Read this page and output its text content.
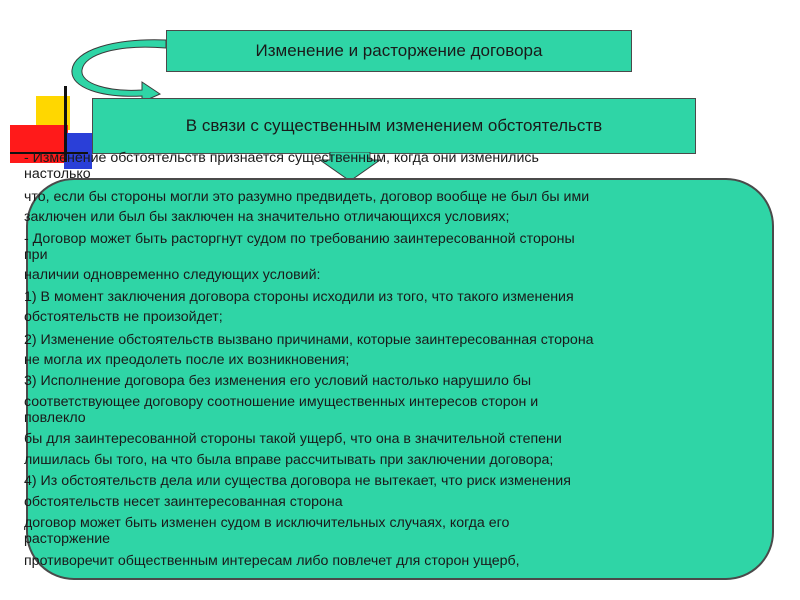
Изменение и расторжение договора
В связи с существенным изменением обстоятельств
- Изменение обстоятельств признается существенным, когда они изменились
настолько
что, если бы стороны могли это разумно предвидеть, договор вообще не был бы ими
заключен или был бы заключен на значительно отличающихся условиях;
- Договор может быть расторгнут судом по требованию заинтересованной стороны
при
наличии одновременно следующих условий:
1) В момент заключения договора стороны исходили из того, что такого изменения
обстоятельств не произойдет;
2) Изменение обстоятельств вызвано причинами, которые заинтересованная сторона
не могла их преодолеть после их возникновения;
3) Исполнение договора без изменения его условий настолько нарушило бы
соответствующее договору соотношение имущественных интересов сторон и
повлекло
бы для заинтересованной стороны такой ущерб, что она в значительной степени
лишилась бы того, на что была вправе рассчитывать при заключении договора;
4) Из обстоятельств дела или существа договора не вытекает, что риск изменения
обстоятельств несет заинтересованная сторона
договор может быть изменен судом в исключительных случаях, когда его
расторжение
противоречит общественным интересам либо повлечет для сторон ущерб,
